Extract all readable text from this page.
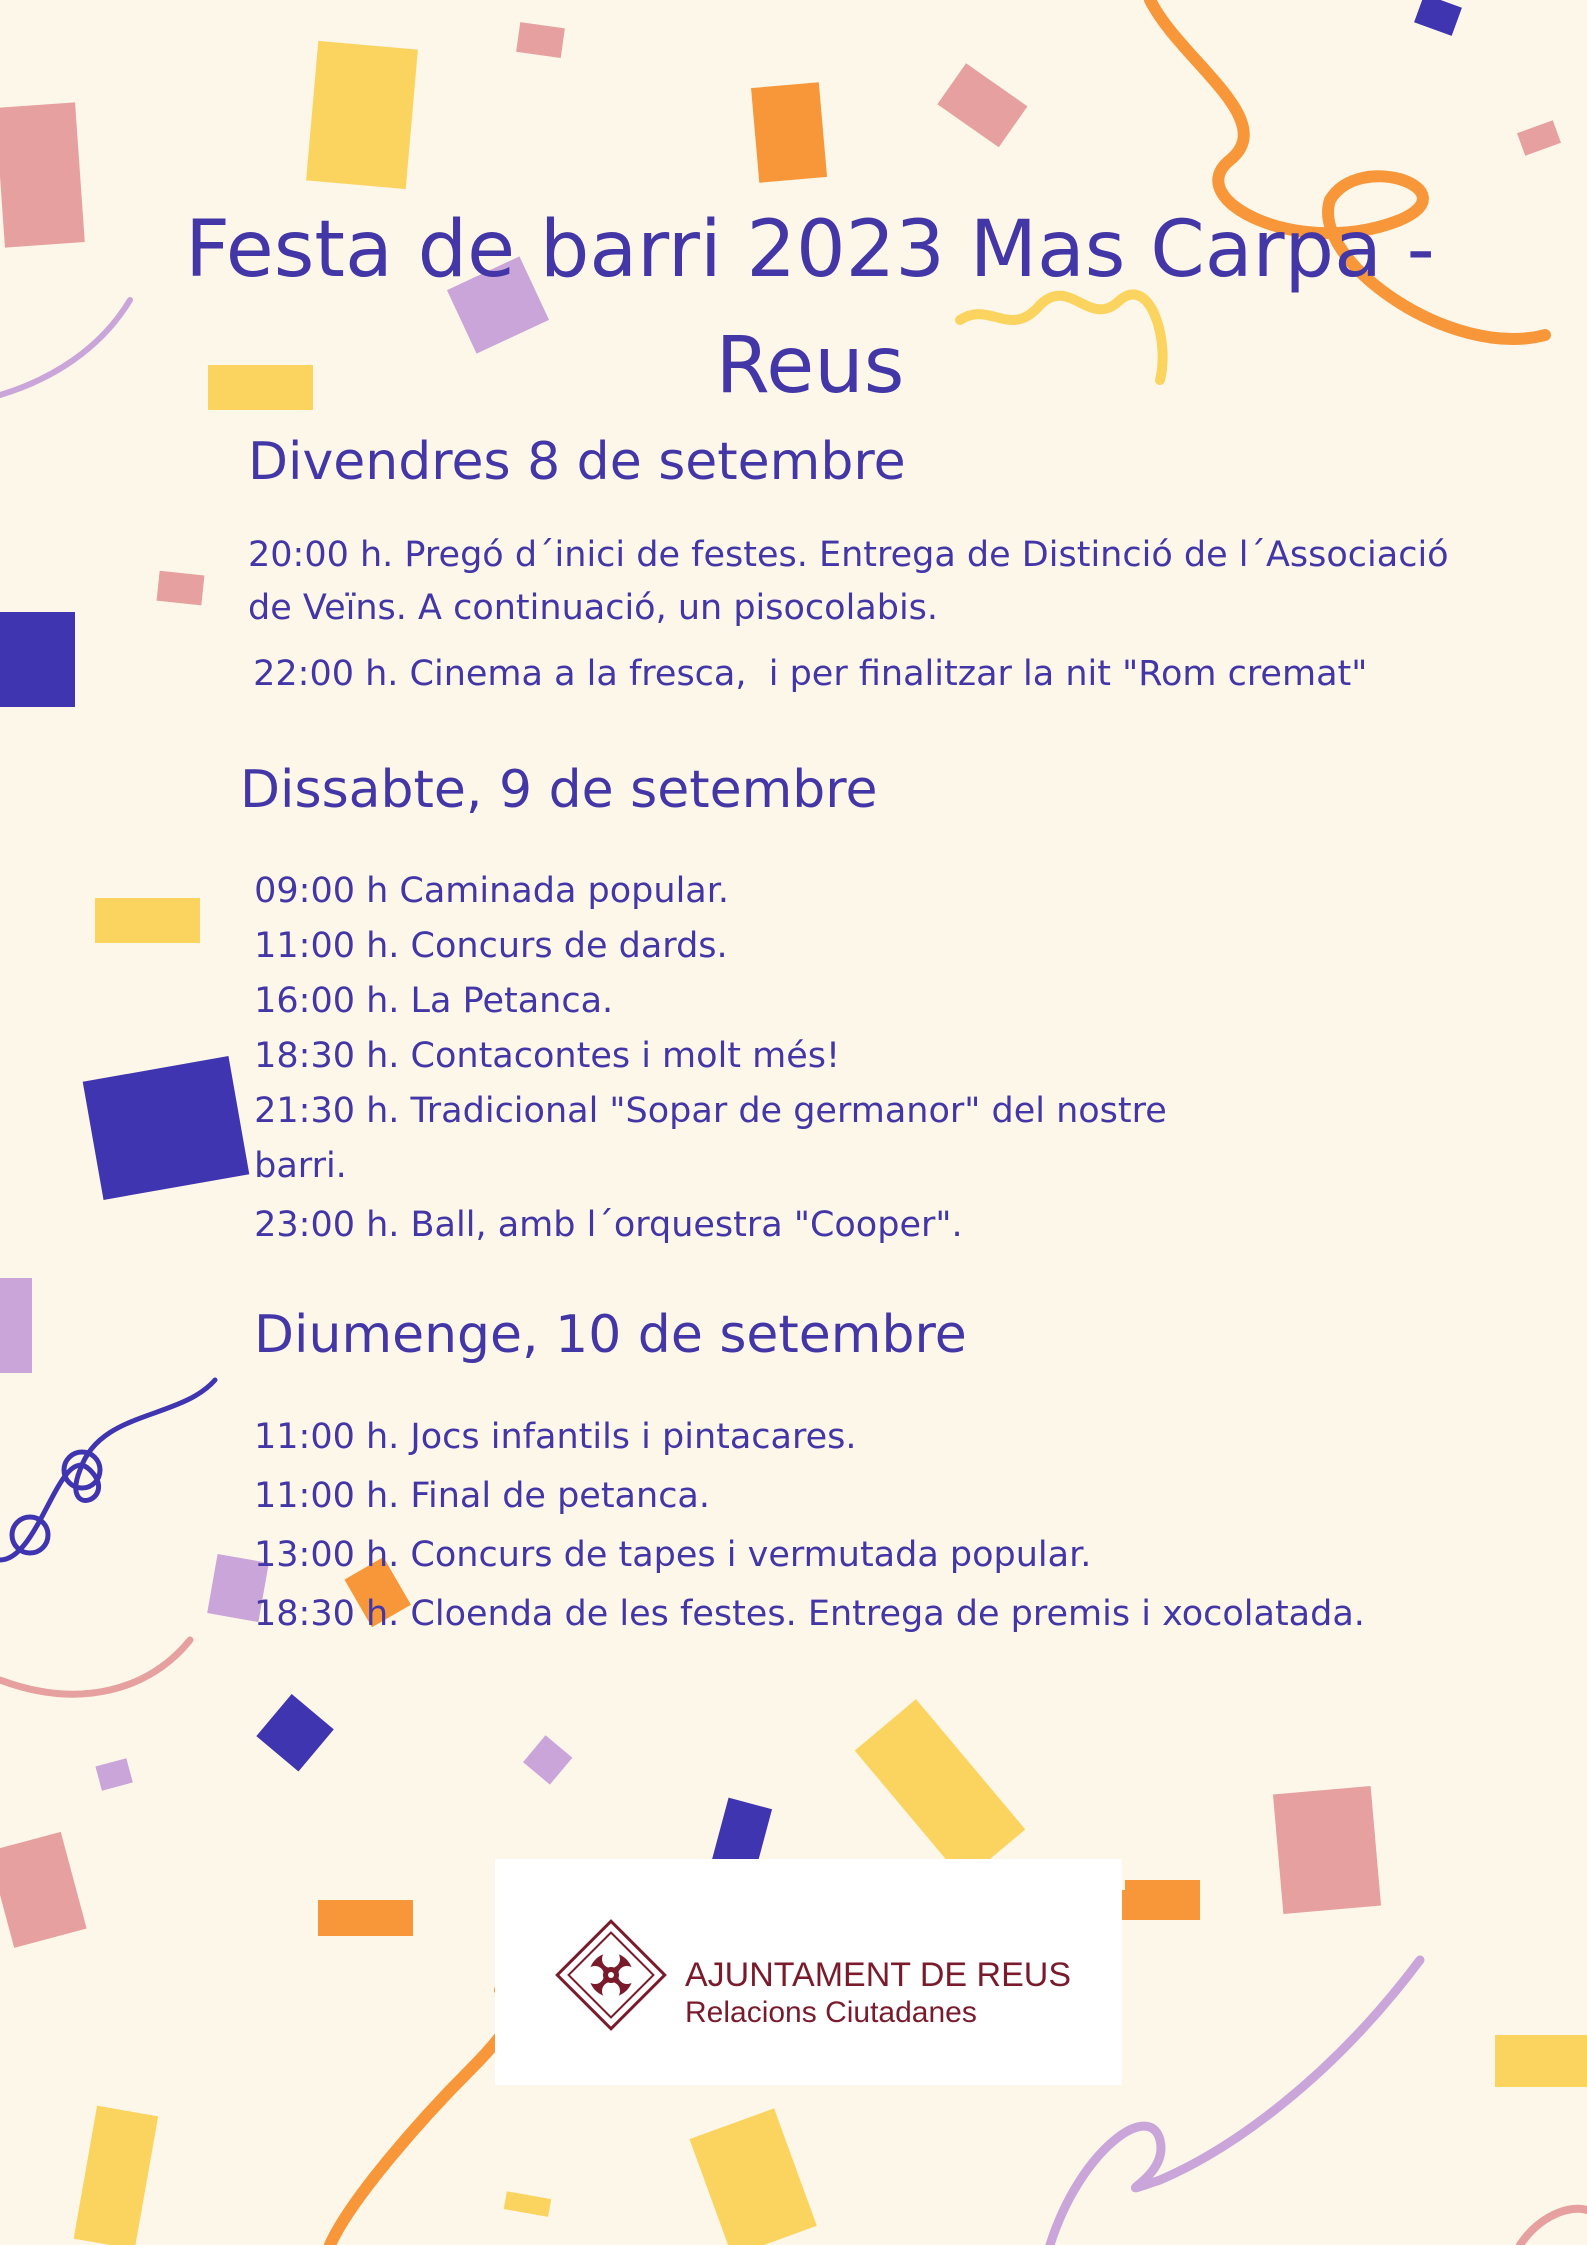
Festa de barri 2023 Mas Carpa -
Reus
Divendres 8 de setembre
20:00 h. Pregó d´inici de festes. Entrega de Distinció de l´Associació
de Veïns. A continuació, un pisocolabis.
22:00 h. Cinema a la fresca,  i per finalitzar la nit "Rom cremat"
Dissabte, 9 de setembre
09:00 h Caminada popular.
11:00 h. Concurs de dards.
16:00 h. La Petanca.
18:30 h. Contacontes i molt més!
21:30 h. Tradicional "Sopar de germanor" del nostre
barri.
23:00 h. Ball, amb l´orquestra "Cooper".
Diumenge, 10 de setembre
11:00 h. Jocs infantils i pintacares.
11:00 h. Final de petanca.
13:00 h. Concurs de tapes i vermutada popular.
18:30 h. Cloenda de les festes. Entrega de premis i xocolatada.
AJUNTAMENT DE REUS
Relacions Ciutadanes
